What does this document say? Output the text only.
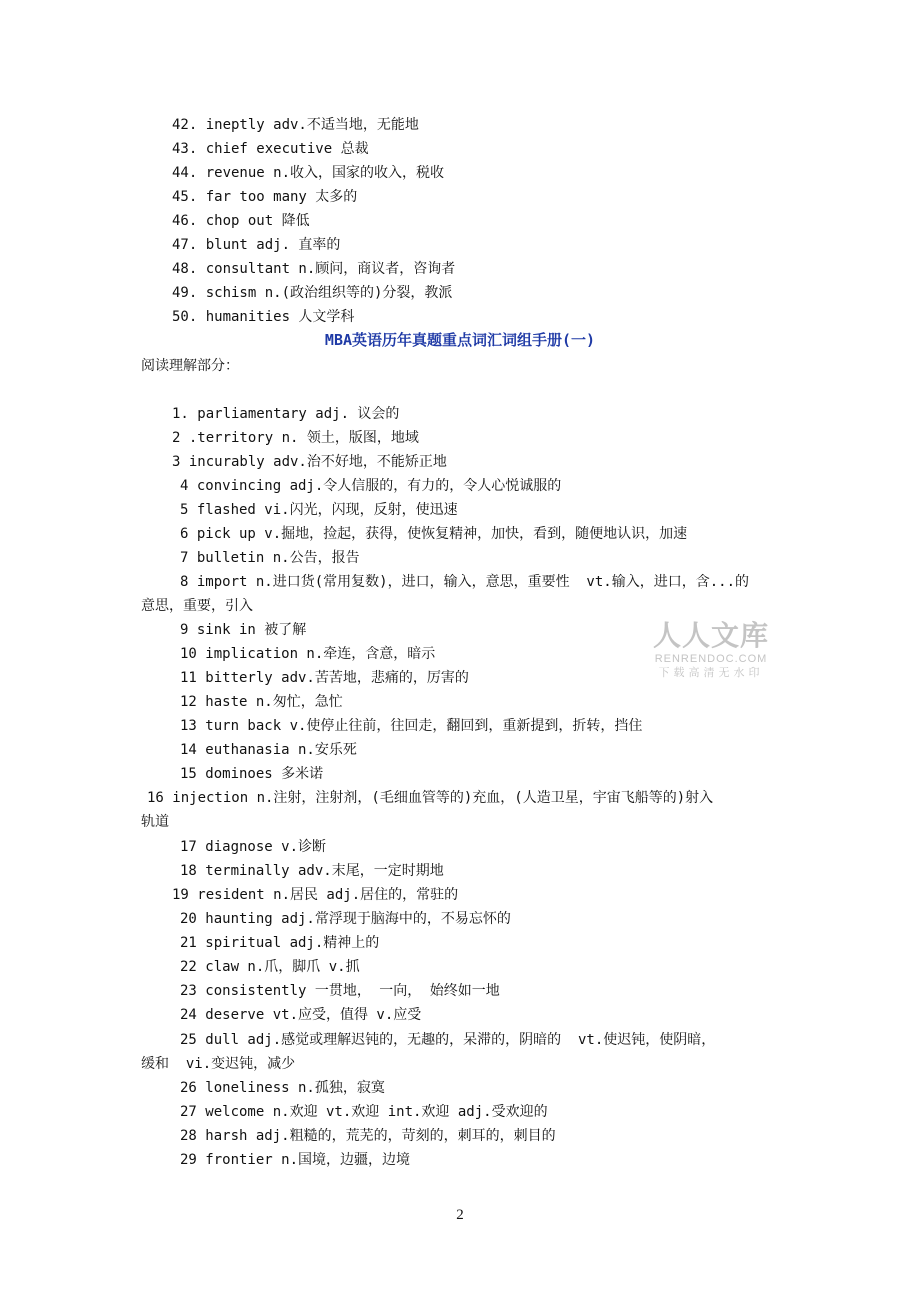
42. ineptly adv.不适当地，无能地
43. chief executive 总裁
44. revenue n.收入，国家的收入，税收
45. far too many 太多的
46. chop out 降低
47. blunt adj. 直率的
48. consultant n.顾问，商议者，咨询者
49. schism n.(政治组织等的)分裂，教派
50. humanities 人文学科
MBA英语历年真题重点词汇词组手册(一)
阅读理解部分：
1. parliamentary adj. 议会的
2 .territory n. 领土，版图，地域
3 incurably adv.治不好地，不能矫正地
4 convincing adj.令人信服的，有力的，令人心悦诚服的
5 flashed vi.闪光，闪现，反射，使迅速
6 pick up v.掘地，捡起，获得，使恢复精神，加快，看到，随便地认识，加速
7 bulletin n.公告，报告
8 import n.进口货(常用复数)，进口，输入，意思，重要性  vt.输入，进口，含...的
意思，重要，引入
9 sink in 被了解
10 implication n.牵连，含意，暗示
11 bitterly adv.苦苦地，悲痛的，厉害的
12 haste n.匆忙，急忙
13 turn back v.使停止往前，往回走，翻回到，重新提到，折转，挡住
14 euthanasia n.安乐死
15 dominoes 多米诺
16 injection n.注射，注射剂，(毛细血管等的)充血，(人造卫星，宇宙飞船等的)射入
轨道
17 diagnose v.诊断
18 terminally adv.末尾，一定时期地
19 resident n.居民 adj.居住的，常驻的
20 haunting adj.常浮现于脑海中的，不易忘怀的
21 spiritual adj.精神上的
22 claw n.爪，脚爪 v.抓
23 consistently 一贯地， 一向， 始终如一地
24 deserve vt.应受，值得 v.应受
25 dull adj.感觉或理解迟钝的，无趣的，呆滞的，阴暗的  vt.使迟钝，使阴暗，
缓和  vi.变迟钝，减少
26 loneliness n.孤独，寂寞
27 welcome n.欢迎 vt.欢迎 int.欢迎 adj.受欢迎的
28 harsh adj.粗糙的，荒芜的，苛刻的，刺耳的，刺目的
29 frontier n.国境，边疆，边境
人人文库
RENRENDOC.COM
下载高清无水印
2
